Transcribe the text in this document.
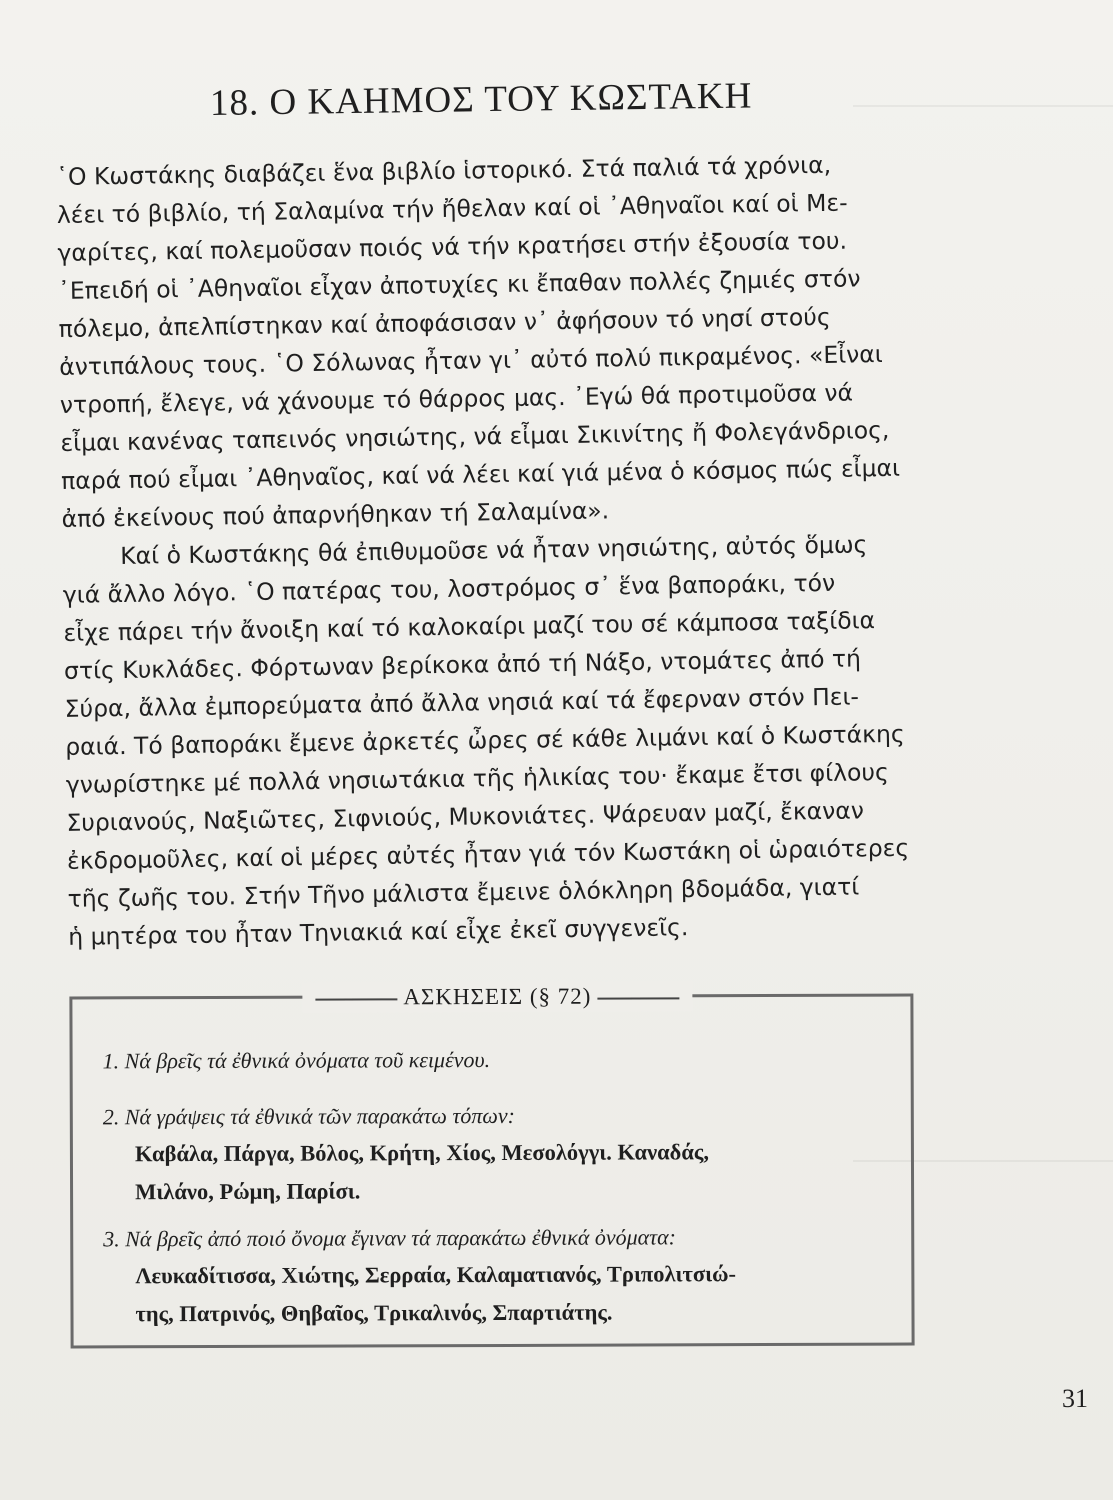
18. Ο ΚΑΗΜΟΣ ΤΟΥ ΚΩΣΤΑΚΗ
῾Ο Κωστάκης διαβάζει ἕνα βιβλίο ἱστορικό. Στά παλιά τά χρόνια,
λέει τό βιβλίο, τή Σαλαμίνα τήν ἤθελαν καί οἱ ᾿Αθηναῖοι καί οἱ Με-
γαρίτες, καί πολεμοῦσαν ποιός νά τήν κρατήσει στήν ἐξουσία του.
᾿Επειδή οἱ ᾿Αθηναῖοι εἶχαν ἀποτυχίες κι ἔπαθαν πολλές ζημιές στόν
πόλεμο, ἀπελπίστηκαν καί ἀποφάσισαν ν᾿ ἀφήσουν τό νησί στούς
ἀντιπάλους τους. ῾Ο Σόλωνας ἦταν γι᾿ αὐτό πολύ πικραμένος. «Εἶναι
ντροπή, ἔλεγε, νά χάνουμε τό θάρρος μας. ᾿Εγώ θά προτιμοῦσα νά
εἶμαι κανένας ταπεινός νησιώτης, νά εἶμαι Σικινίτης ἤ Φολεγάνδριος,
παρά πού εἶμαι ᾿Αθηναῖος, καί νά λέει καί γιά μένα ὁ κόσμος πώς εἶμαι
ἀπό ἐκείνους πού ἀπαρνήθηκαν τή Σαλαμίνα».
Καί ὁ Κωστάκης θά ἐπιθυμοῦσε νά ἦταν νησιώτης, αὐτός ὅμως
γιά ἄλλο λόγο. ῾Ο πατέρας του, λοστρόμος σ᾿ ἕνα βαποράκι, τόν
εἶχε πάρει τήν ἄνοιξη καί τό καλοκαίρι μαζί του σέ κάμποσα ταξίδια
στίς Κυκλάδες. Φόρτωναν βερίκοκα ἀπό τή Νάξο, ντομάτες ἀπό τή
Σύρα, ἄλλα ἐμπορεύματα ἀπό ἄλλα νησιά καί τά ἔφερναν στόν Πει-
ραιά. Τό βαποράκι ἔμενε ἀρκετές ὦρες σέ κάθε λιμάνι καί ὁ Κωστάκης
γνωρίστηκε μέ πολλά νησιωτάκια τῆς ἡλικίας του· ἔκαμε ἔτσι φίλους
Συριανούς, Ναξιῶτες, Σιφνιούς, Μυκονιάτες. Ψάρευαν μαζί, ἔκαναν
ἐκδρομοῦλες, καί οἱ μέρες αὐτές ἦταν γιά τόν Κωστάκη οἱ ὡραιότερες
τῆς ζωῆς του. Στήν Τῆνο μάλιστα ἔμεινε ὁλόκληρη βδομάδα, γιατί
ἡ μητέρα του ἦταν Τηνιακιά καί εἶχε ἐκεῖ συγγενεῖς.
ΑΣΚΗΣΕΙΣ (§ 72)
1. Νά βρεῖς τά ἐθνικά ὀνόματα τοῦ κειμένου.
2. Νά γράψεις τά ἐθνικά τῶν παρακάτω τόπων:
Καβάλα, Πάργα, Βόλος, Κρήτη, Χίος, Μεσολόγγι. Καναδάς,
Μιλάνο, Ρώμη, Παρίσι.
3. Νά βρεῖς ἀπό ποιό ὄνομα ἔγιναν τά παρακάτω ἐθνικά ὀνόματα:
Λευκαδίτισσα, Χιώτης, Σερραία, Καλαματιανός, Τριπολιτσιώ-
της, Πατρινός, Θηβαῖος, Τρικαλινός, Σπαρτιάτης.
31
